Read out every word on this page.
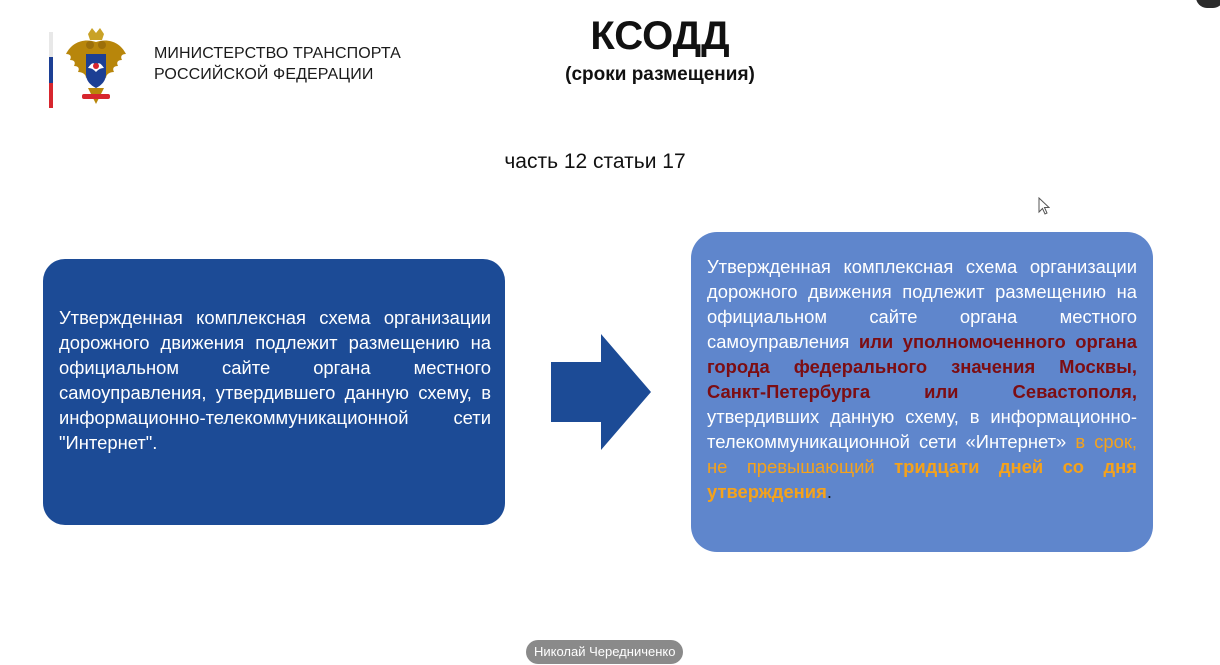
МИНИСТЕРСТВО ТРАНСПОРТА
РОССИЙСКОЙ ФЕДЕРАЦИИ
КСОДД
(сроки размещения)
часть 12 статьи 17
Утвержденная комплексная схема организации дорожного движения подлежит размещению на официальном сайте органа местного самоуправления, утвердившего данную схему, в информационно-телекоммуникационной сети "Интернет".
Утвержденная комплексная схема организации дорожного движения подлежит размещению на официальном сайте органа местного самоуправления или уполномоченного органа города федерального значения Москвы, Санкт-Петербурга или Севастополя, утвердивших данную схему, в информационно-телекоммуникационной сети «Интернет» в срок, не превышающий тридцати дней со дня утверждения.
Николай Чередниченко
